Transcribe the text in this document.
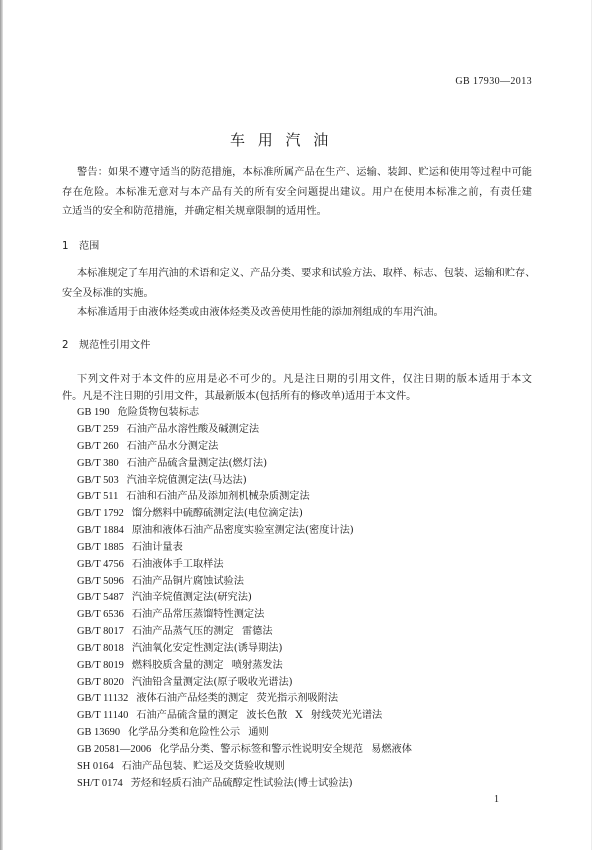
GB 17930—2013
车 用 汽 油
警告：如果不遵守适当的防范措施，本标准所属产品在生产、运输、装卸、贮运和使用等过程中可能
存在危险。本标准无意对与本产品有关的所有安全问题提出建议。用户在使用本标准之前，有责任建
立适当的安全和防范措施，并确定相关规章限制的适用性。
1 范围
本标准规定了车用汽油的术语和定义、产品分类、要求和试验方法、取样、标志、包装、运输和贮存、
安全及标准的实施。
本标准适用于由液体烃类或由液体烃类及改善使用性能的添加剂组成的车用汽油。
2 规范性引用文件
下列文件对于本文件的应用是必不可少的。凡是注日期的引用文件，仅注日期的版本适用于本文
件。凡是不注日期的引用文件，其最新版本(包括所有的修改单)适用于本文件。
GB 190 危险货物包装标志
GB/T 259 石油产品水溶性酸及碱测定法
GB/T 260 石油产品水分测定法
GB/T 380 石油产品硫含量测定法(燃灯法)
GB/T 503 汽油辛烷值测定法(马达法)
GB/T 511 石油和石油产品及添加剂机械杂质测定法
GB/T 1792 馏分燃料中硫醇硫测定法(电位滴定法)
GB/T 1884 原油和液体石油产品密度实验室测定法(密度计法)
GB/T 1885 石油计量表
GB/T 4756 石油液体手工取样法
GB/T 5096 石油产品铜片腐蚀试验法
GB/T 5487 汽油辛烷值测定法(研究法)
GB/T 6536 石油产品常压蒸馏特性测定法
GB/T 8017 石油产品蒸气压的测定 雷德法
GB/T 8018 汽油氧化安定性测定法(诱导期法)
GB/T 8019 燃料胶质含量的测定 喷射蒸发法
GB/T 8020 汽油铅含量测定法(原子吸收光谱法)
GB/T 11132 液体石油产品烃类的测定 荧光指示剂吸附法
GB/T 11140 石油产品硫含量的测定 波长色散 X 射线荧光光谱法
GB 13690 化学品分类和危险性公示 通则
GB 20581—2006 化学品分类、警示标签和警示性说明安全规范 易燃液体
SH 0164 石油产品包装、贮运及交货验收规则
SH/T 0174 芳烃和轻质石油产品硫醇定性试验法(博士试验法)
1
